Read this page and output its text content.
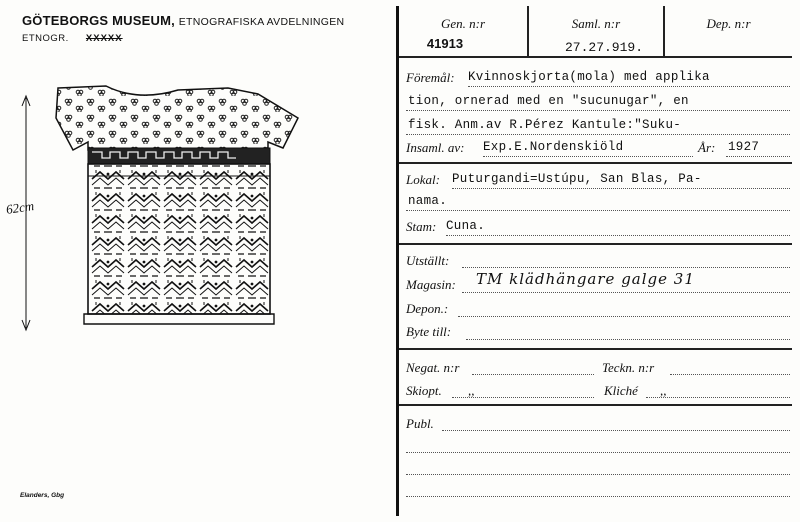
GÖTEBORGS MUSEUM, ETNOGRAFISKA AVDELNINGEN
ETNOGR. XXXXX
62cm
Elanders, Gbg
Gen. n:r
41913
Saml. n:r
27.27.919.
Dep. n:r
Föremål: Kvinnoskjorta(mola) med applika
tion, ornerad med en "sucunugar", en
fisk. Anm.av R.Pérez Kantule:"Suku-
Insaml. av: Exp.E.Nordenskiöld	År: 1927
Lokal: Puturgandi=Ustúpu, San Blas, Pa-
nama.
Stam: Cuna.
Utställt:
Magasin: TM klädhängare galge 31
Depon.:
Byte till:
Negat. n:r	Teckn. n:r
Skiopt. ,,	Kliché ,,
Publ.
